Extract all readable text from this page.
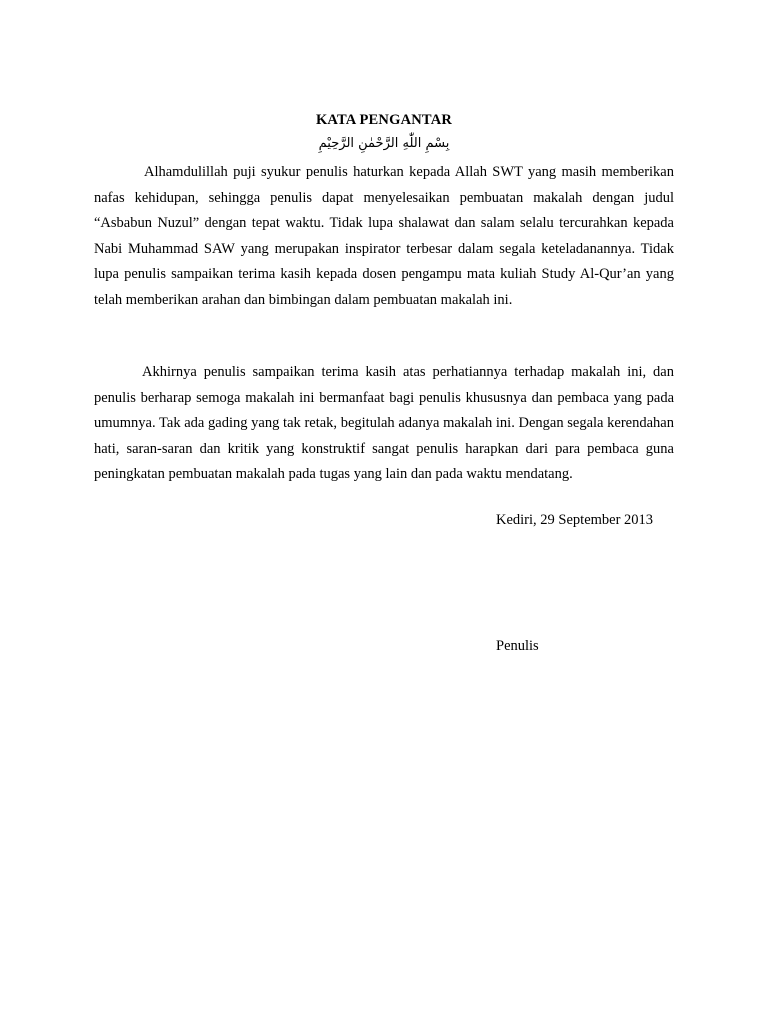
KATA PENGANTAR
بِسْمِ اللّٰهِ الرَّحْمٰنِ الرَّحِيْمِ

Alhamdulillah puji syukur penulis haturkan kepada Allah SWT yang masih memberikan nafas kehidupan, sehingga penulis dapat menyelesaikan pembuatan makalah dengan judul “Asbabun Nuzul” dengan tepat waktu. Tidak lupa shalawat dan salam selalu tercurahkan kepada Nabi Muhammad SAW yang merupakan inspirator terbesar dalam segala keteladanannya. Tidak lupa penulis sampaikan terima kasih kepada dosen pengampu mata kuliah Study Al-Qur’an yang telah memberikan arahan dan bimbingan dalam pembuatan makalah ini.

Akhirnya penulis sampaikan terima kasih atas perhatiannya terhadap makalah ini, dan penulis berharap semoga makalah ini bermanfaat bagi penulis khususnya dan pembaca yang pada umumnya. Tak ada gading yang tak retak, begitulah adanya makalah ini. Dengan segala kerendahan hati, saran-saran dan kritik yang konstruktif sangat penulis harapkan dari para pembaca guna peningkatan pembuatan makalah pada tugas yang lain dan pada waktu mendatang.

Kediri, 29 September 2013
Penulis
